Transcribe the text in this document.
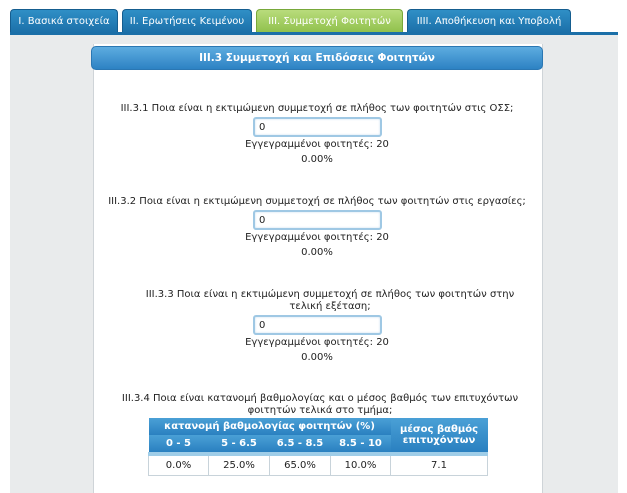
I. Βασικά στοιχεία	II. Ερωτήσεις Κειμένου	III. Συμμετοχή Φοιτητών	IIII. Αποθήκευση και Υποβολή
III.3 Συμμετοχή και Επιδόσεις Φοιτητών
III.3.1 Ποια είναι η εκτιμώμενη συμμετοχή σε πλήθος των φοιτητών στις ΟΣΣ;
0
Εγγεγραμμένοι φοιτητές: 20
0.00%
III.3.2 Ποια είναι η εκτιμώμενη συμμετοχή σε πλήθος των φοιτητών στις εργασίες;
0
Εγγεγραμμένοι φοιτητές: 20
0.00%
III.3.3 Ποια είναι η εκτιμώμενη συμμετοχή σε πλήθος των φοιτητών στην τελική εξέταση;
0
Εγγεγραμμένοι φοιτητές: 20
0.00%
III.3.4 Ποια είναι κατανομή βαθμολογίας και ο μέσος βαθμός των επιτυχόντων φοιτητών τελικά στο τμήμα;
κατανομή βαθμολογίας φοιτητών (%)				μέσος βαθμός επιτυχόντων
0 - 5	5 - 6.5	6.5 - 8.5	8.5 - 10	
0.0%	25.0%	65.0%	10.0%	7.1
